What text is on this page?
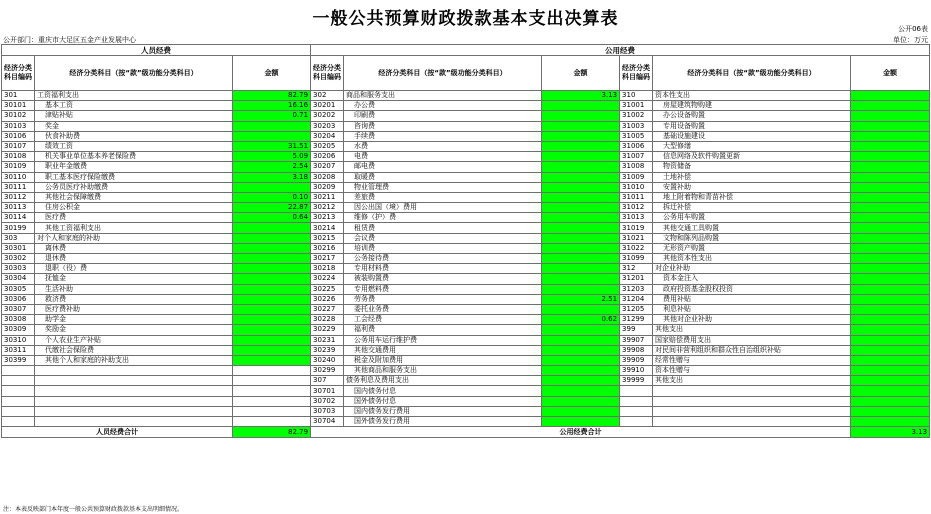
一般公共预算财政拨款基本支出决算表	公开06表
公开部门：重庆市大足区五金产业发展中心	单位：万元
人员经费			公用经费					
经济分类科目编码	经济分类科目（按“款”级功能分类科目）	金额	经济分类科目编码	经济分类科目（按“款”级功能分类科目）	金额	经济分类科目编码	经济分类科目（按“款”级功能分类科目）	金额
301	工资福利支出	82.79	302	商品和服务支出	3.13	310	资本性支出	
30101	基本工资	16.16	30201	办公费		31001	房屋建筑物购建	
30102	津贴补贴	0.71	30202	印刷费		31002	办公设备购置	
30103	奖金		30203	咨询费		31003	专用设备购置	
30106	伙食补助费		30204	手续费		31005	基础设施建设	
30107	绩效工资	31.51	30205	水费		31006	大型修缮	
30108	机关事业单位基本养老保险费	5.09	30206	电费		31007	信息网络及软件购置更新	
30109	职业年金缴费	2.54	30207	邮电费		31008	物资储备	
30110	职工基本医疗保险缴费	3.18	30208	取暖费		31009	土地补偿	
30111	公务员医疗补助缴费		30209	物业管理费		31010	安置补助	
30112	其他社会保障缴费	0.10	30211	差旅费		31011	地上附着物和青苗补偿	
30113	住房公积金	22.87	30212	因公出国（境）费用		31012	拆迁补偿	
30114	医疗费	0.64	30213	维修（护）费		31013	公务用车购置	
30199	其他工资福利支出		30214	租赁费		31019	其他交通工具购置	
303	对个人和家庭的补助		30215	会议费		31021	文物和陈列品购置	
30301	离休费		30216	培训费		31022	无形资产购置	
30302	退休费		30217	公务接待费		31099	其他资本性支出	
30303	退职（役）费		30218	专用材料费		312	对企业补助	
30304	抚恤金		30224	被装购置费		31201	资本金注入	
30305	生活补助		30225	专用燃料费		31203	政府投资基金股权投资	
30306	救济费		30226	劳务费	2.51	31204	费用补贴	
30307	医疗费补助		30227	委托业务费		31205	利息补贴	
30308	助学金		30228	工会经费	0.62	31299	其他对企业补助	
30309	奖励金		30229	福利费		399	其他支出	
30310	个人农业生产补贴		30231	公务用车运行维护费		39907	国家赔偿费用支出	
30311	代缴社会保险费		30239	其他交通费用		39908	对民间非营利组织和群众性自治组织补贴	
30399	其他个人和家庭的补助支出		30240	税金及附加费用		39909	经常性赠与	
			30299	其他商品和服务支出		39910	资本性赠与	
			307	债务利息及费用支出		39999	其他支出	
			30701	国内债务付息				
			30702	国外债务付息				
			30703	国内债务发行费用				
			30704	国外债务发行费用				
人员经费合计		82.79	公用经费合计					3.13
注：本表反映部门本年度一般公共预算财政拨款基本支出明细情况。
